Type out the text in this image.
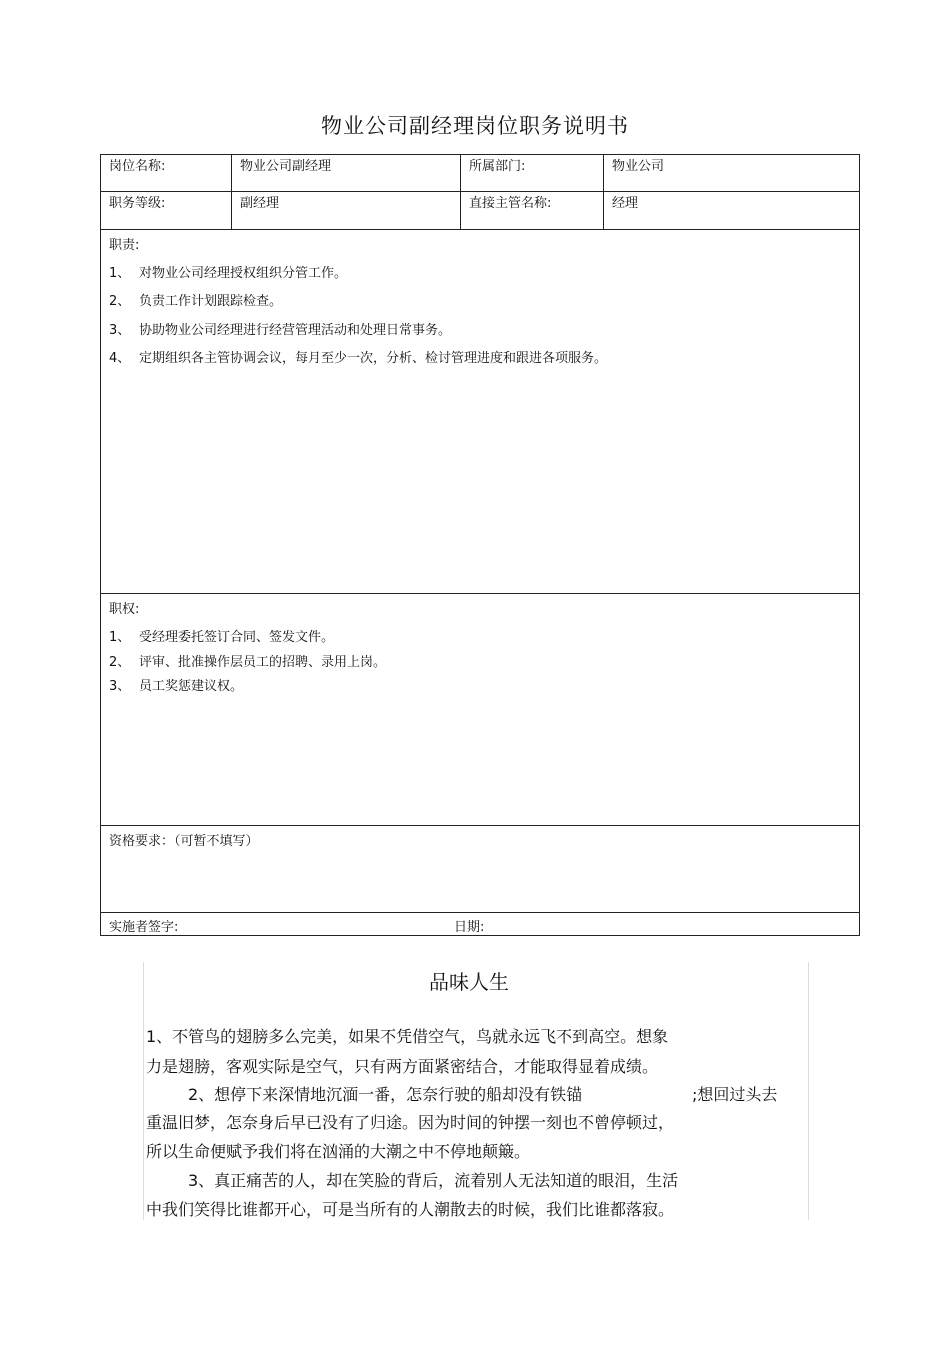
物业公司副经理岗位职务说明书
岗位名称:	物业公司副经理	所属部门:	物业公司
职务等级:	副经理	直接主管名称:	经理
职责:
1、 对物业公司经理授权组织分管工作。
2、 负责工作计划跟踪检查。
3、 协助物业公司经理进行经营管理活动和处理日常事务。
4、 定期组织各主管协调会议，每月至少一次，分析、检讨管理进度和跟进各项服务。
职权:
1、 受经理委托签订合同、签发文件。
2、 评审、批准操作层员工的招聘、录用上岗。
3、 员工奖惩建议权。
资格要求：（可暂不填写）
实施者签字:	日期:
品味人生
1、不管鸟的翅膀多么完美，如果不凭借空气，鸟就永远飞不到高空。想象
力是翅膀，客观实际是空气，只有两方面紧密结合，才能取得显着成绩。
2、想停下来深情地沉湎一番，怎奈行驶的船却没有铁锚	;想回过头去
重温旧梦，怎奈身后早已没有了归途。因为时间的钟摆一刻也不曾停顿过，
所以生命便赋予我们将在汹涌的大潮之中不停地颠簸。
3、真正痛苦的人，却在笑脸的背后，流着别人无法知道的眼泪，生活
中我们笑得比谁都开心，可是当所有的人潮散去的时候，我们比谁都落寂。
